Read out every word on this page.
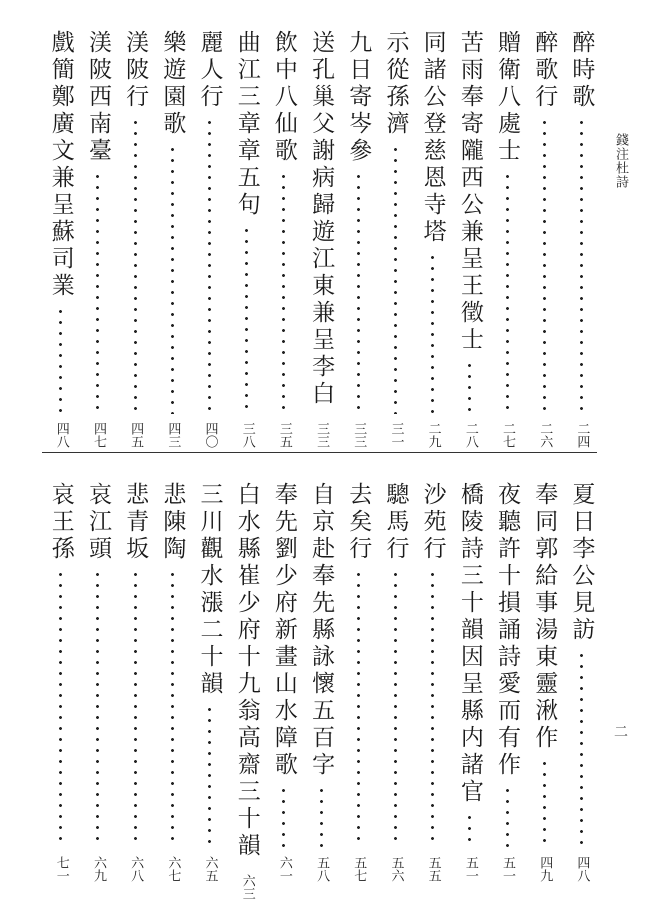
錢注杜詩
二
醉時歌
二四
醉歌行
二六
贈衛八處士
二七
苦雨奉寄隴西公兼呈王徵士
二八
同諸公登慈恩寺塔
二九
示從孫濟
三一
九日寄岑參
三三
送孔巢父謝病歸遊江東兼呈李白
三三
飲中八仙歌
三五
曲江三章章五句
三八
麗人行
四〇
樂遊園歌
四三
渼陂行
四五
渼陂西南臺
四七
戲簡鄭廣文兼呈蘇司業
四八
夏日李公見訪
四八
奉同郭給事湯東靈湫作
四九
夜聽許十損誦詩愛而有作
五一
橋陵詩三十韻因呈縣内諸官
五一
沙苑行
五五
驄馬行
五六
去矣行
五七
自京赴奉先縣詠懷五百字
五八
奉先劉少府新畫山水障歌
六一
白水縣崔少府十九翁高齋三十韻
六三
三川觀水漲二十韻
六五
悲陳陶
六七
悲青坂
六八
哀江頭
六九
哀王孫
七一
